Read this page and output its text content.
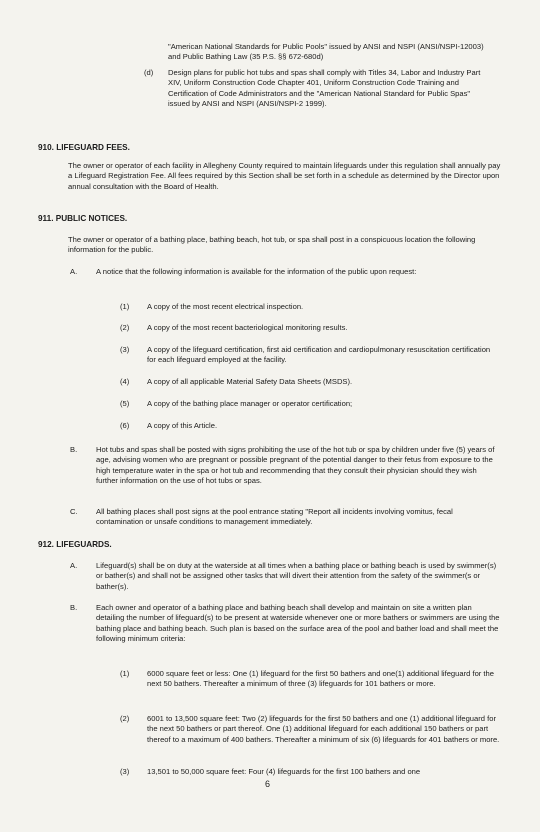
"American National Standards for Public Pools" issued by ANSI and NSPI (ANSI/NSPI-12003) and Public Bathing Law (35 P.S. §§ 672-680d)

(d) Design plans for public hot tubs and spas shall comply with Titles 34, Labor and Industry Part XIV, Uniform Construction Code Chapter 401, Uniform Construction Code Training and Certification of Code Administrators and the "American National Standard for Public Spas" issued by ANSI and NSPI (ANSI/NSPI-2 1999).

910. LIFEGUARD FEES.

The owner or operator of each facility in Allegheny County required to maintain lifeguards under this regulation shall annually pay a Lifeguard Registration Fee. All fees required by this Section shall be set forth in a schedule as determined by the Director upon annual consultation with the Board of Health.

911. PUBLIC NOTICES.

The owner or operator of a bathing place, bathing beach, hot tub, or spa shall post in a conspicuous location the following information for the public.

A. A notice that the following information is available for the information of the public upon request:

(1) A copy of the most recent electrical inspection.

(2) A copy of the most recent bacteriological monitoring results.

(3) A copy of the lifeguard certification, first aid certification and cardiopulmonary resuscitation certification for each lifeguard employed at the facility.

(4) A copy of all applicable Material Safety Data Sheets (MSDS).

(5) A copy of the bathing place manager or operator certification;

(6) A copy of this Article.

B. Hot tubs and spas shall be posted with signs prohibiting the use of the hot tub or spa by children under five (5) years of age, advising women who are pregnant or possible pregnant of the potential danger to their fetus from exposure to the high temperature water in the spa or hot tub and recommending that they consult their physician should they wish further information on the use of hot tubs or spas.

C. All bathing places shall post signs at the pool entrance stating "Report all incidents involving vomitus, fecal contamination or unsafe conditions to management immediately.

912. LIFEGUARDS.

A. Lifeguard(s) shall be on duty at the waterside at all times when a bathing place or bathing beach is used by swimmer(s) or bather(s) and shall not be assigned other tasks that will divert their attention from the safety of the swimmer(s or bather(s).

B. Each owner and operator of a bathing place and bathing beach shall develop and maintain on site a written plan detailing the number of lifeguard(s) to be present at waterside whenever one or more bathers or swimmers are using the bathing place and bathing beach. Such plan is based on the surface area of the pool and bather load and shall meet the following minimum criteria:

(1) 6000 square feet or less: One (1) lifeguard for the first 50 bathers and one(1) additional lifeguard for the next 50 bathers. Thereafter a minimum of three (3) lifeguards for 101 bathers or more.

(2) 6001 to 13,500 square feet: Two (2) lifeguards for the first 50 bathers and one (1) additional lifeguard for the next 50 bathers or part thereof. One (1) additional lifeguard for each additional 150 bathers or part thereof to a maximum of 400 bathers. Thereafter a minimum of six (6) lifeguards for 401 bathers or more.

(3) 13,501 to 50,000 square feet: Four (4) lifeguards for the first 100 bathers and one

6
